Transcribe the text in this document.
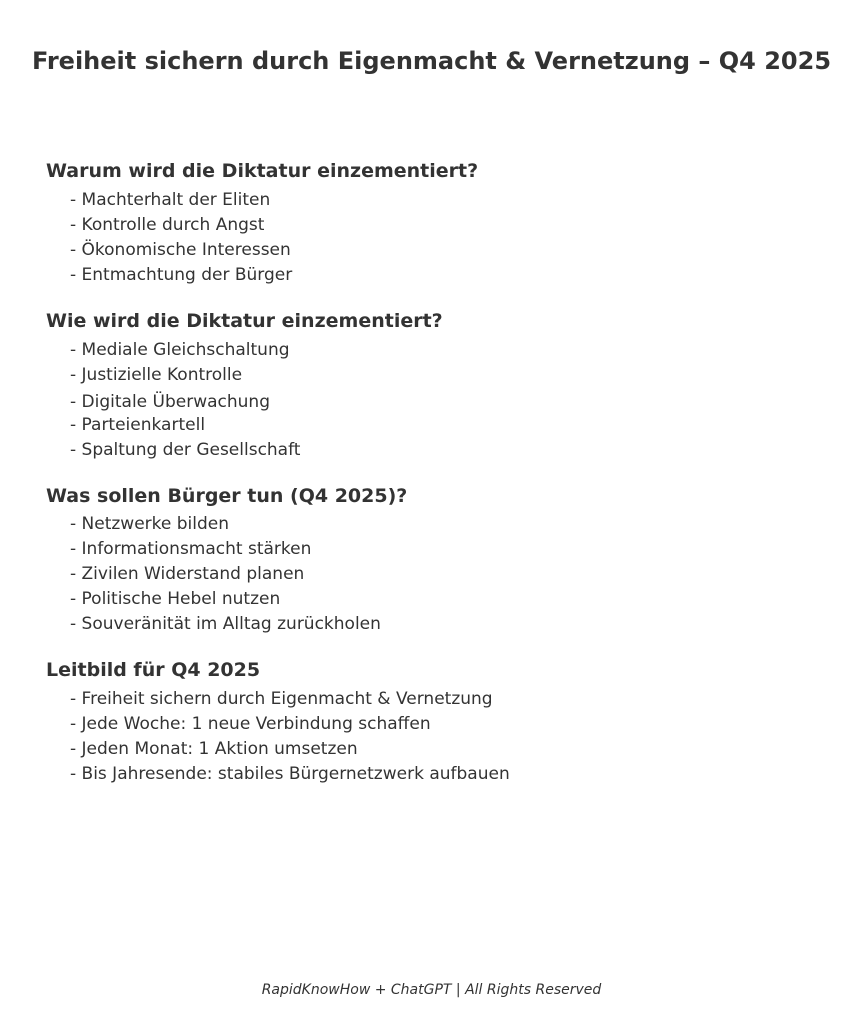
Freiheit sichern durch Eigenmacht & Vernetzung – Q4 2025
Warum wird die Diktatur einzementiert?

- Machterhalt der Eliten

- Kontrolle durch Angst

- Ökonomische Interessen

- Entmachtung der Bürger

Wie wird die Diktatur einzementiert?

- Mediale Gleichschaltung

- Justizielle Kontrolle

- Digitale Überwachung

- Parteienkartell

- Spaltung der Gesellschaft

Was sollen Bürger tun (Q4 2025)?

- Netzwerke bilden

- Informationsmacht stärken

- Zivilen Widerstand planen

- Politische Hebel nutzen

- Souveränität im Alltag zurückholen

Leitbild für Q4 2025

- Freiheit sichern durch Eigenmacht & Vernetzung

- Jede Woche: 1 neue Verbindung schaffen

- Jeden Monat: 1 Aktion umsetzen

- Bis Jahresende: stabiles Bürgernetzwerk aufbauen

RapidKnowHow + ChatGPT | All Rights Reserved
